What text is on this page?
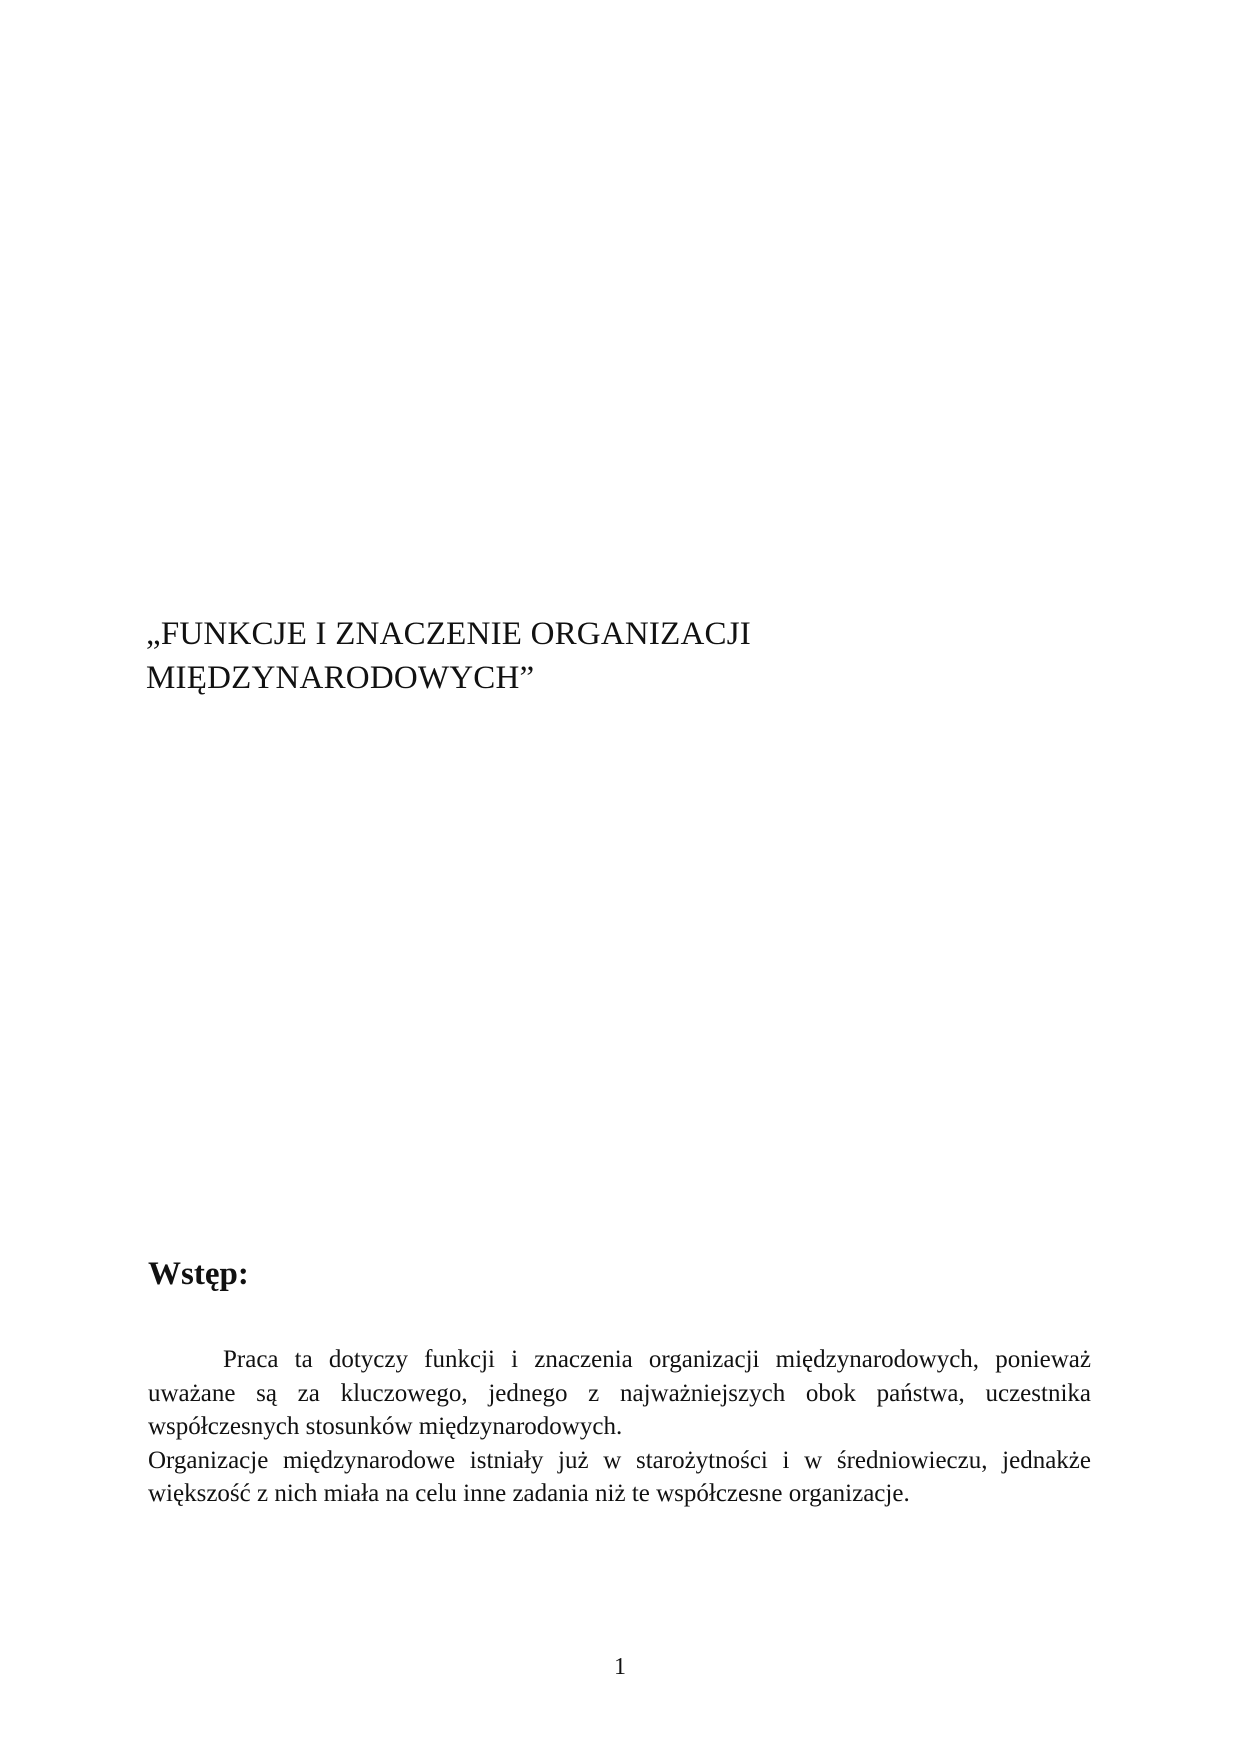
„FUNKCJE I ZNACZENIE ORGANIZACJI
MIĘDZYNARODOWYCH”
Wstęp:

Praca ta dotyczy funkcji i znaczenia organizacji międzynarodowych, ponieważ uważane są za kluczowego, jednego z najważniejszych obok państwa, uczestnika współczesnych stosunków międzynarodowych.

Organizacje międzynarodowe istniały już w starożytności i w średniowieczu, jednakże większość z nich miała na celu inne zadania niż te współczesne organizacje.

1
